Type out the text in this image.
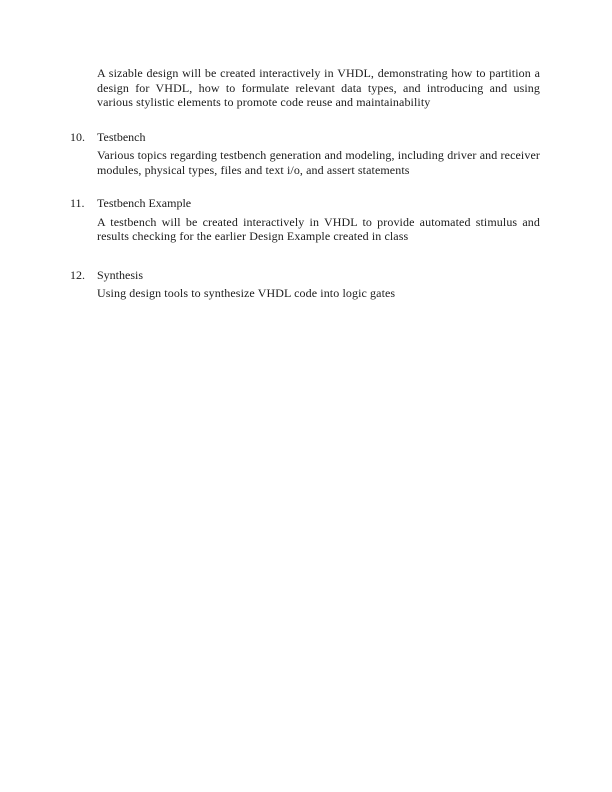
A sizable design will be created interactively in VHDL, demonstrating how to partition a design for VHDL, how to formulate relevant data types, and introducing and using various stylistic elements to promote code reuse and maintainability

10.	Testbench

Various topics regarding testbench generation and modeling, including driver and receiver modules, physical types, files and text i/o, and assert statements

11.	Testbench Example

A testbench will be created interactively in VHDL to provide automated stimulus and results checking for the earlier Design Example created in class

12.	Synthesis

Using design tools to synthesize VHDL code into logic gates
